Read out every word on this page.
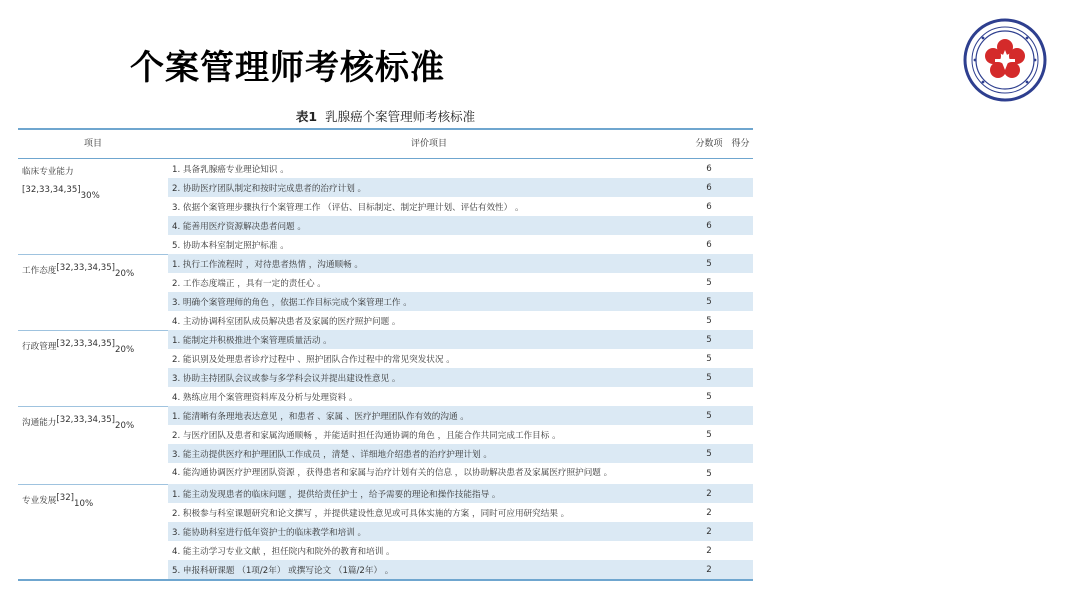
个案管理师考核标准
表1 乳腺癌个案管理师考核标准
项目	评价项目	分数项	得分
临床专业能力
[32,33,34,35]30%	1. 具备乳腺癌专业理论知识 。	6	
	2. 协助医疗团队制定和按时完成患者的治疗计划 。	6	
	3. 依据个案管理步骤执行个案管理工作 （评估、目标制定、制定护理计划、评估有效性） 。	6	
	4. 能善用医疗资源解决患者问题 。	6	
	5. 协助本科室制定照护标准 。	6	
工作态度[32,33,34,35]20%	1. 执行工作流程时 ，对待患者热情 ，沟通顺畅 。	5	
	2. 工作态度端正 ，具有一定的责任心 。	5	
	3. 明确个案管理师的角色 ，依据工作目标完成个案管理工作 。	5	
	4. 主动协调科室团队成员解决患者及家属的医疗照护问题 。	5	
行政管理[32,33,34,35]20%	1. 能制定并积极推进个案管理质量活动 。	5	
	2. 能识别及处理患者诊疗过程中 、照护团队合作过程中的常见突发状况 。	5	
	3. 协助主持团队会议或参与多学科会议并提出建设性意见 。	5	
	4. 熟练应用个案管理资料库及分析与处理资料 。	5	
沟通能力[32,33,34,35]20%	1. 能清晰有条理地表达意见 ，和患者 、家属 、医疗护理团队作有效的沟通 。	5	
	2. 与医疗团队及患者和家属沟通顺畅 ，并能适时担任沟通协调的角色 ，且能合作共同完成工作目标 。	5	
	3. 能主动提供医疗和护理团队工作成员 ，清楚 、详细地介绍患者的治疗护理计划 。	5	
	4. 能沟通协调医疗护理团队资源 ，获得患者和家属与治疗计划有关的信息 ，以协助解决患者及家属医疗照护问题 。	5	
专业发展[32]10%	1. 能主动发现患者的临床问题 ，提供给责任护士 ，给予需要的理论和操作技能指导 。	2	
	2. 积极参与科室课题研究和论文撰写 ，并提供建设性意见或可具体实施的方案 ，同时可应用研究结果 。	2	
	3. 能协助科室进行低年资护士的临床教学和培训 。	2	
	4. 能主动学习专业文献 ，担任院内和院外的教育和培训 。	2	
	5. 申报科研课题 （1项/2年） 或撰写论文 （1篇/2年） 。	2	
